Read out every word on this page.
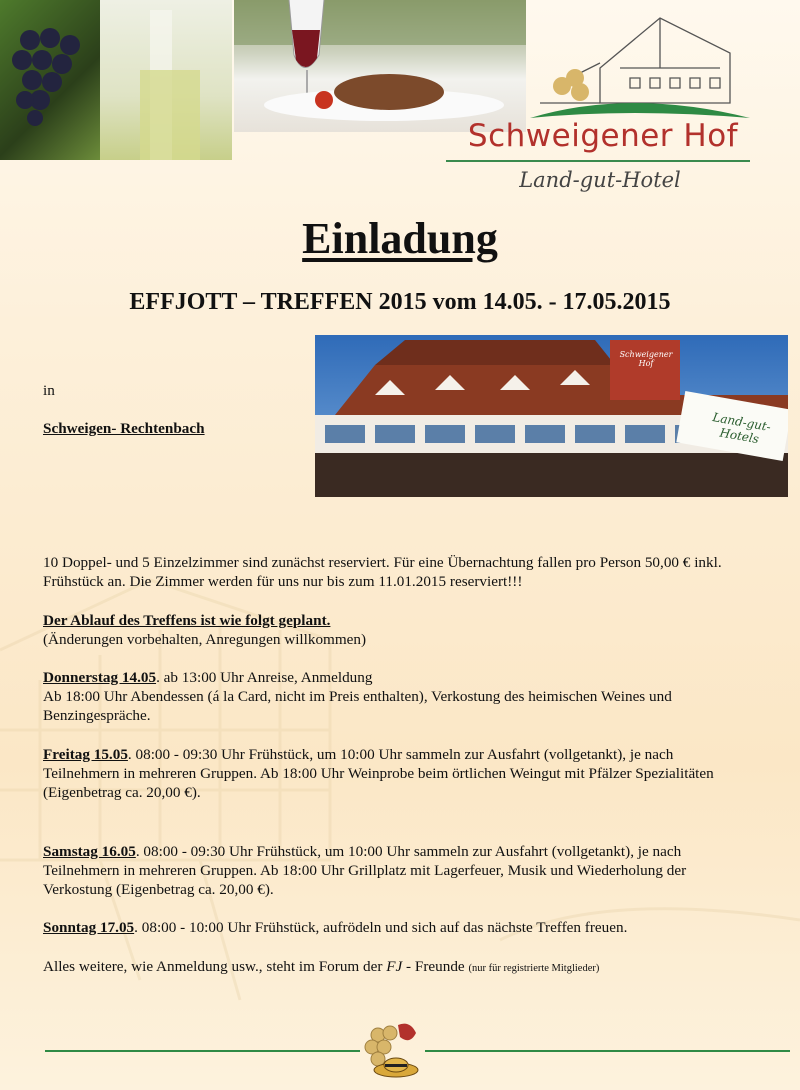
Schweigener Hof
Land-gut-Hotel
Einladung
EFFJOTT – TREFFEN 2015 vom 14.05. - 17.05.2015
in
Schweigen- Rechtenbach
Schweigener Hof
Land-gut-Hotels
10 Doppel- und 5 Einzelzimmer sind zunächst reserviert. Für eine Übernachtung fallen pro Person 50,00 € inkl.
Frühstück an. Die Zimmer werden für uns nur bis zum 11.01.2015 reserviert!!!
Der Ablauf des Treffens ist wie folgt geplant.
(Änderungen vorbehalten, Anregungen willkommen)
Donnerstag 14.05. ab 13:00 Uhr Anreise, Anmeldung
Ab 18:00 Uhr Abendessen (á la Card, nicht im Preis enthalten), Verkostung des heimischen Weines und
Benzingespräche.
Freitag 15.05. 08:00 - 09:30 Uhr Frühstück, um 10:00 Uhr sammeln zur Ausfahrt (vollgetankt), je nach
Teilnehmern in mehreren Gruppen. Ab 18:00 Uhr Weinprobe beim örtlichen Weingut mit Pfälzer Spezialitäten
(Eigenbetrag ca. 20,00 €).
Samstag 16.05. 08:00 - 09:30 Uhr Frühstück, um 10:00 Uhr sammeln zur Ausfahrt (vollgetankt), je nach
Teilnehmern in mehreren Gruppen. Ab 18:00 Uhr Grillplatz mit Lagerfeuer, Musik und Wiederholung der
Verkostung (Eigenbetrag ca. 20,00 €).
Sonntag 17.05. 08:00 - 10:00 Uhr Frühstück, aufrödeln und sich auf das nächste Treffen freuen.
Alles weitere, wie Anmeldung usw., steht im Forum der FJ - Freunde (nur für registrierte Mitglieder)
